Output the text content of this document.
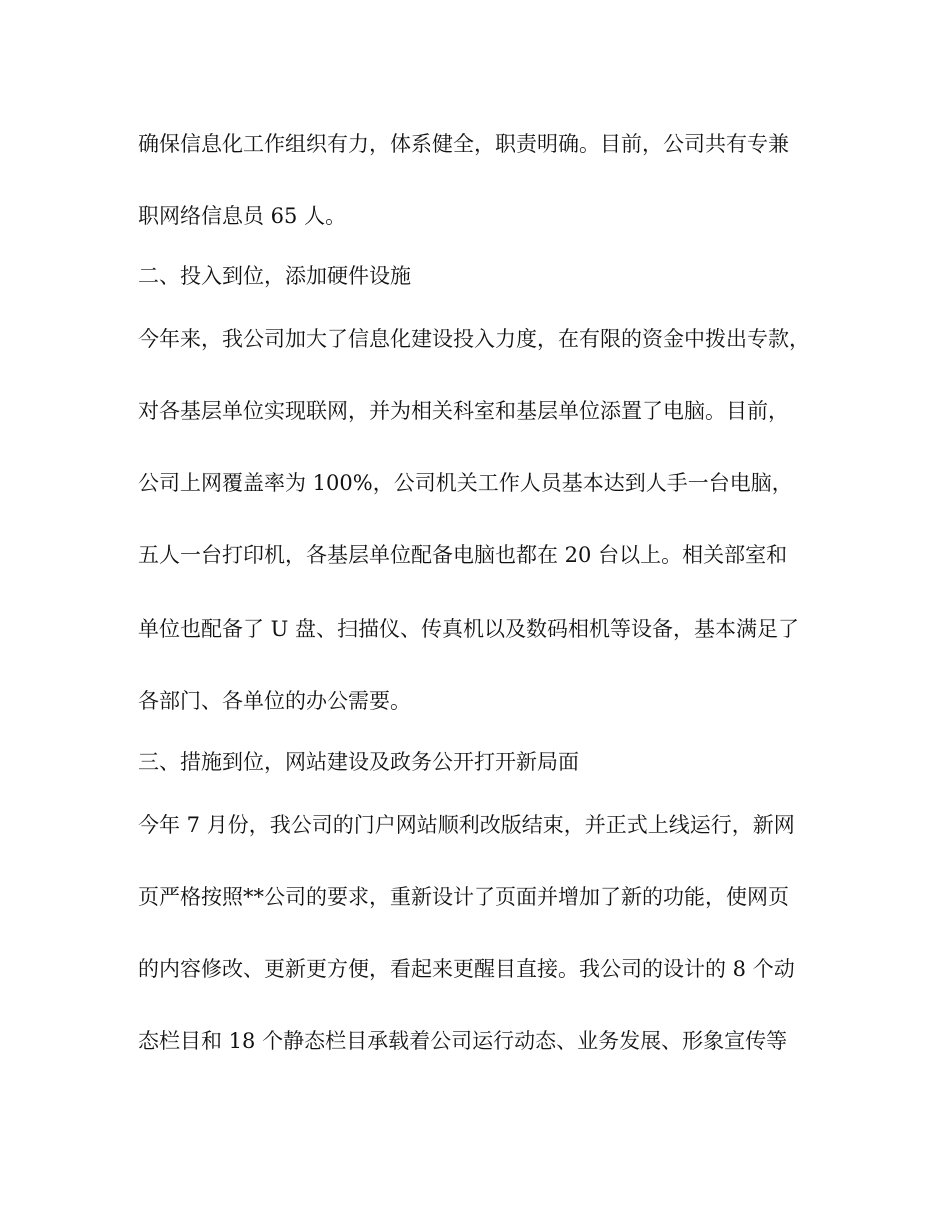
确保信息化工作组织有力，体系健全，职责明确。目前，公司共有专兼

职网络信息员 65 人。

二、投入到位，添加硬件设施

今年来，我公司加大了信息化建设投入力度，在有限的资金中拨出专款，

对各基层单位实现联网，并为相关科室和基层单位添置了电脑。目前，

公司上网覆盖率为 100%，公司机关工作人员基本达到人手一台电脑，

五人一台打印机，各基层单位配备电脑也都在 20 台以上。相关部室和

单位也配备了 U 盘、扫描仪、传真机以及数码相机等设备，基本满足了

各部门、各单位的办公需要。

三、措施到位，网站建设及政务公开打开新局面

今年 7 月份，我公司的门户网站顺利改版结束，并正式上线运行，新网

页严格按照**公司的要求，重新设计了页面并增加了新的功能，使网页

的内容修改、更新更方便，看起来更醒目直接。我公司的设计的 8 个动

态栏目和 18 个静态栏目承载着公司运行动态、业务发展、形象宣传等
